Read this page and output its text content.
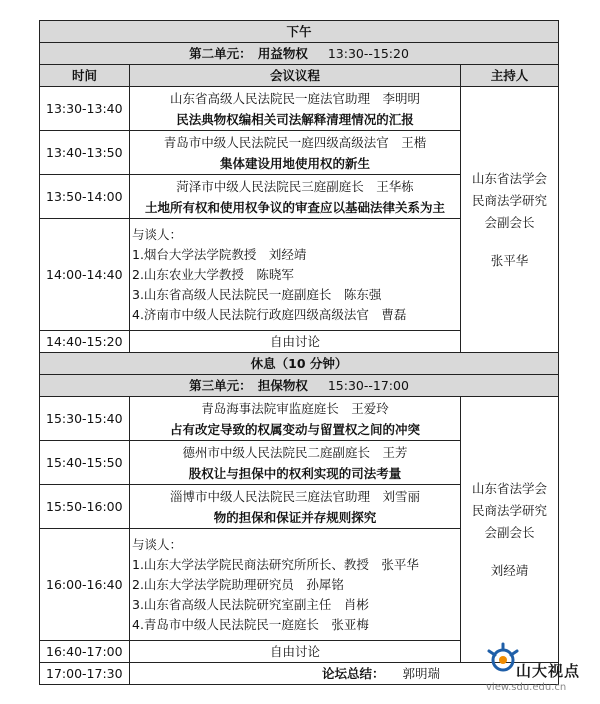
下午		
第二单元：　用益物权 13:30--15:20		
时间	会议议程	主持人
13:30-13:40	山东省高级人民法院民一庭法官助理　李明明
民法典物权编相关司法解释清理情况的汇报	山东省法学会
民商法学研究
会副会长
张平华

13:40-13:50	青岛市中级人民法院民一庭四级高级法官　王楷
集体建设用地使用权的新生	

13:50-14:00	菏泽市中级人民法院民三庭副庭长　王华栋
土地所有权和使用权争议的审查应以基础法律关系为主	

14:00-14:40	与谈人：
1.烟台大学法学院教授　刘经靖
2.山东农业大学教授　陈晓军
3.山东省高级人民法院民一庭副庭长　陈东强
4.济南市中级人民法院行政庭四级高级法官　曹磊	

14:40-15:20	自由讨论	
休息（10 分钟）		
第三单元：　担保物权 15:30--17:00		
15:30-15:40	青岛海事法院审监庭庭长　王爱玲
占有改定导致的权属变动与留置权之间的冲突	山东省法学会
民商法学研究
会副会长
刘经靖

15:40-15:50	德州市中级人民法院民二庭副庭长　王芳
股权让与担保中的权利实现的司法考量	

15:50-16:00	淄博市中级人民法院民三庭法官助理　刘雪丽
物的担保和保证并存规则探究	

16:00-16:40	与谈人：
1.山东大学法学院民商法研究所所长、教授　张平华
2.山东大学法学院助理研究员　孙犀铭
3.山东省高级人民法院研究室副主任　肖彬
4.青岛市中级人民法院民一庭庭长　张亚梅	

16:40-17:00	自由讨论	
17:00-17:30	论坛总结： 郭明瑞		山大视点
view.sdu.edu.cn
